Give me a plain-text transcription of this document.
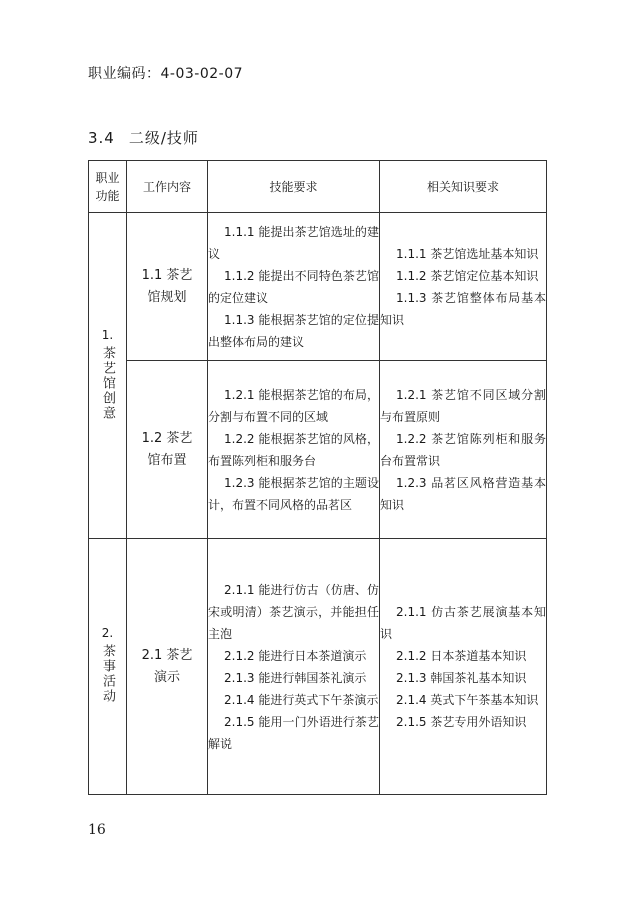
职业编码：4-03-02-07
3.4 二级/技师
职业
功能	工作内容	技能要求	相关知识要求

1.
茶艺馆创意	1.1 茶艺
馆规划	1.1.1 能提出茶艺馆选址的建议
1.1.2 能提出不同特色茶艺馆的定位建议
1.1.3 能根据茶艺馆的定位提出整体布局的建议	1.1.1 茶艺馆选址基本知识
1.1.2 茶艺馆定位基本知识
1.1.3 茶艺馆整体布局基本知识

	1.2 茶艺
馆布置	1.2.1 能根据茶艺馆的布局，分割与布置不同的区域
1.2.2 能根据茶艺馆的风格，布置陈列柜和服务台
1.2.3 能根据茶艺馆的主题设计，布置不同风格的品茗区	1.2.1 茶艺馆不同区域分割与布置原则
1.2.2 茶艺馆陈列柜和服务台布置常识
1.2.3 品茗区风格营造基本知识

2.
茶事活动	2.1 茶艺
演示	2.1.1 能进行仿古（仿唐、仿宋或明清）茶艺演示，并能担任主泡
2.1.2 能进行日本茶道演示
2.1.3 能进行韩国茶礼演示
2.1.4 能进行英式下午茶演示
2.1.5 能用一门外语进行茶艺解说	2.1.1 仿古茶艺展演基本知识
2.1.2 日本茶道基本知识
2.1.3 韩国茶礼基本知识
2.1.4 英式下午茶基本知识
2.1.5 茶艺专用外语知识
16
